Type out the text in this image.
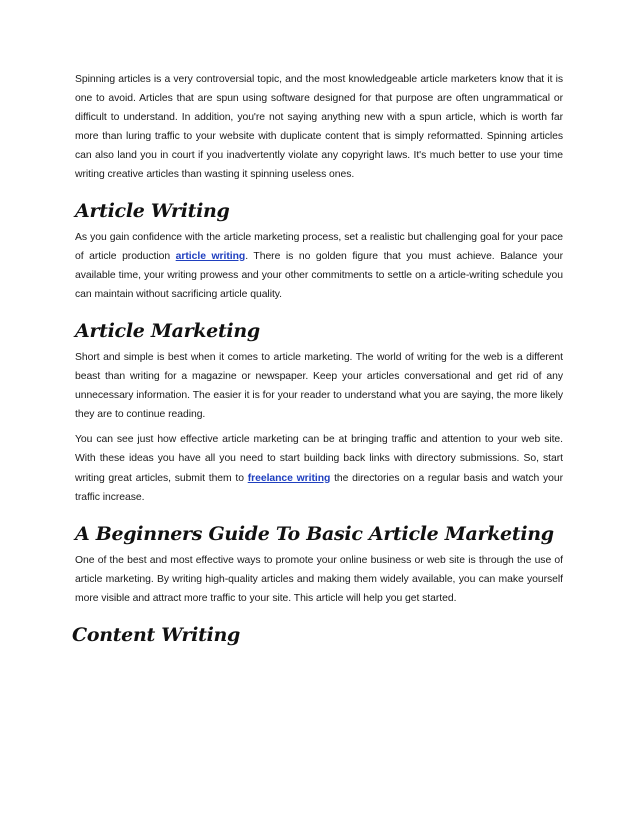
Spinning articles is a very controversial topic, and the most knowledgeable article marketers know that it is one to avoid. Articles that are spun using software designed for that purpose are often ungrammatical or difficult to understand. In addition, you're not saying anything new with a spun article, which is worth far more than luring traffic to your website with duplicate content that is simply reformatted. Spinning articles can also land you in court if you inadvertently violate any copyright laws. It's much better to use your time writing creative articles than wasting it spinning useless ones.

Article Writing

As you gain confidence with the article marketing process, set a realistic but challenging goal for your pace of article production article writing. There is no golden figure that you must achieve. Balance your available time, your writing prowess and your other commitments to settle on a article-writing schedule you can maintain without sacrificing article quality.

Article Marketing

Short and simple is best when it comes to article marketing. The world of writing for the web is a different beast than writing for a magazine or newspaper. Keep your articles conversational and get rid of any unnecessary information. The easier it is for your reader to understand what you are saying, the more likely they are to continue reading.

You can see just how effective article marketing can be at bringing traffic and attention to your web site. With these ideas you have all you need to start building back links with directory submissions. So, start writing great articles, submit them to freelance writing the directories on a regular basis and watch your traffic increase.

A Beginners Guide To Basic Article Marketing

One of the best and most effective ways to promote your online business or web site is through the use of article marketing. By writing high-quality articles and making them widely available, you can make yourself more visible and attract more traffic to your site. This article will help you get started.

Content Writing
